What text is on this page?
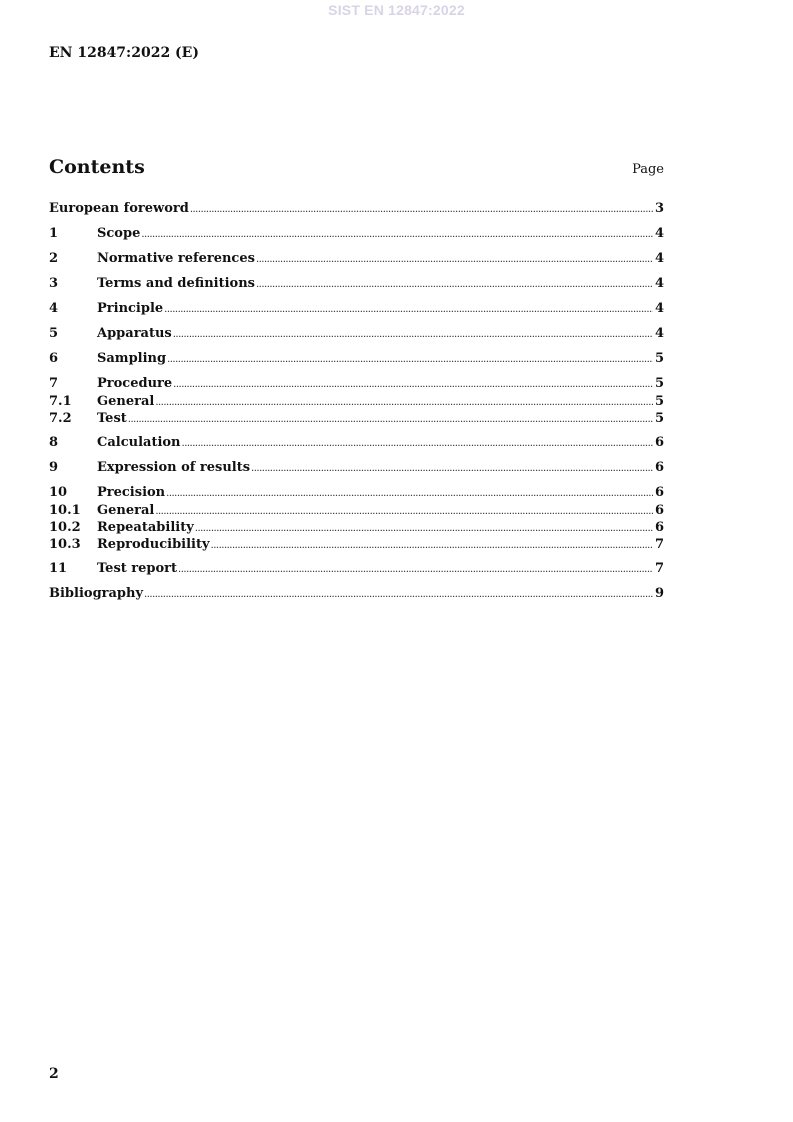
SIST EN 12847:2022
EN 12847:2022 (E)
Contents	Page
European foreword .....	3
1	Scope .....	4
2	Normative references .....	4
3	Terms and definitions .....	4
4	Principle .....	4
5	Apparatus .....	4
6	Sampling .....	5
7	Procedure .....	5
7.1	General .....	5
7.2	Test .....	5
8	Calculation .....	6
9	Expression of results .....	6
10	Precision .....	6
10.1	General .....	6
10.2	Repeatability .....	6
10.3	Reproducibility .....	7
11	Test report .....	7
Bibliography .....	9
2
